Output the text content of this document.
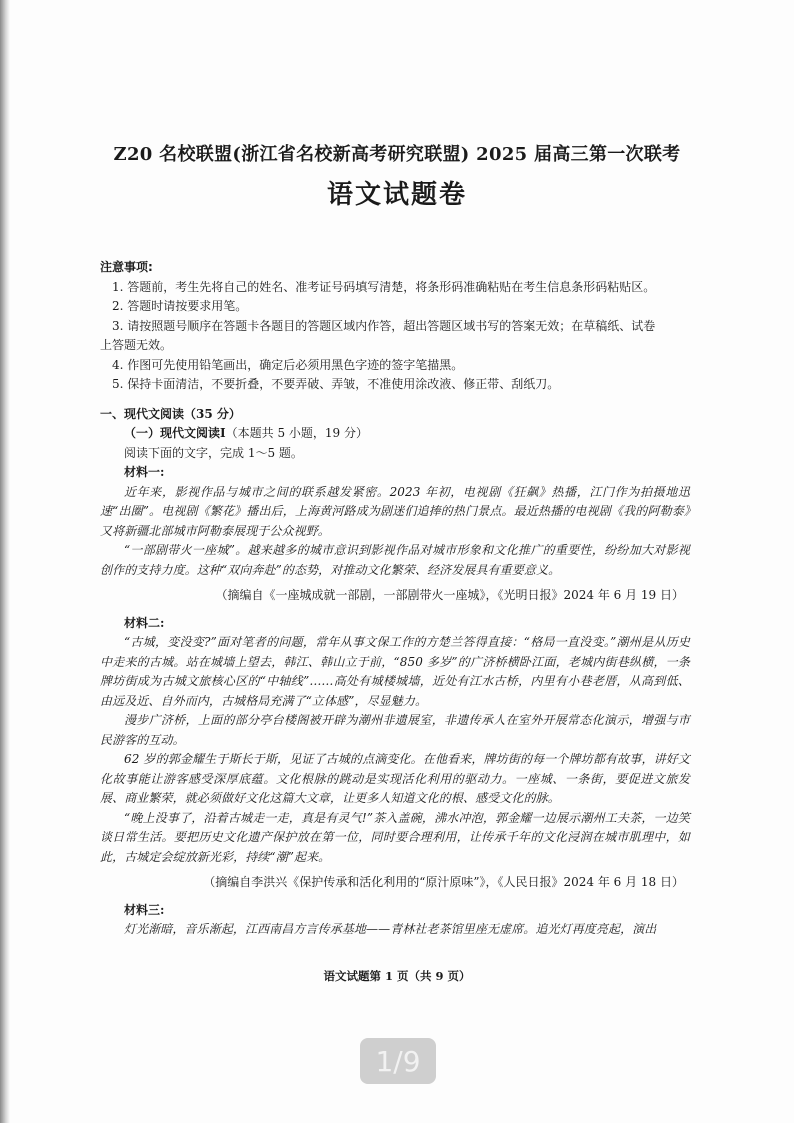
Z20 名校联盟(浙江省名校新高考研究联盟) 2025 届高三第一次联考
语文试题卷

注意事项:

1. 答题前，考生先将自己的姓名、准考证号码填写清楚，将条形码准确粘贴在考生信息条形码粘贴区。

2. 答题时请按要求用笔。

3. 请按照题号顺序在答题卡各题目的答题区域内作答，超出答题区域书写的答案无效；在草稿纸、试卷

上答题无效。

4. 作图可先使用铅笔画出，确定后必须用黑色字迹的签字笔描黑。

5. 保持卡面清洁，不要折叠，不要弄破、弄皱，不准使用涂改液、修正带、刮纸刀。

一、现代文阅读（35 分）

（一）现代文阅读Ⅰ（本题共 5 小题，19 分）

阅读下面的文字，完成 1～5 题。

材料一:

近年来，影视作品与城市之间的联系越发紧密。2023 年初，电视剧《狂飙》热播，江门作为拍摄地迅速“出圈”。电视剧《繁花》播出后，上海黄河路成为剧迷们追捧的热门景点。最近热播的电视剧《我的阿勒泰》又将新疆北部城市阿勒泰展现于公众视野。

“一部剧带火一座城”。越来越多的城市意识到影视作品对城市形象和文化推广的重要性，纷纷加大对影视创作的支持力度。这种“双向奔赴”的态势，对推动文化繁荣、经济发展具有重要意义。

（摘编自《一座城成就一部剧，一部剧带火一座城》，《光明日报》2024 年 6 月 19 日）

材料二:

“古城，变没变?”面对笔者的问题，常年从事文保工作的方楚兰答得直接：“格局一直没变。”潮州是从历史中走来的古城。站在城墙上望去，韩江、韩山立于前，“850 多岁”的广济桥横卧江面，老城内街巷纵横，一条牌坊街成为古城文旅核心区的“中轴线”……高处有城楼城墙，近处有江水古桥，内里有小巷老厝，从高到低、由远及近、自外而内，古城格局充满了“立体感”，尽显魅力。

漫步广济桥，上面的部分亭台楼阁被开辟为潮州非遗展室，非遗传承人在室外开展常态化演示，增强与市民游客的互动。

62 岁的郭金耀生于斯长于斯，见证了古城的点滴变化。在他看来，牌坊街的每一个牌坊都有故事，讲好文化故事能让游客感受深厚底蕴。文化根脉的跳动是实现活化利用的驱动力。一座城、一条街，要促进文旅发展、商业繁荣，就必须做好文化这篇大文章，让更多人知道文化的根、感受文化的脉。

“晚上没事了，沿着古城走一走，真是有灵气!”茶入盖碗，沸水冲泡，郭金耀一边展示潮州工夫茶，一边笑谈日常生活。要把历史文化遗产保护放在第一位，同时要合理利用，让传承千年的文化浸润在城市肌理中，如此，古城定会绽放新光彩，持续“潮”起来。

（摘编自李洪兴《保护传承和活化利用的“原汁原味”》，《人民日报》2024 年 6 月 18 日）

材料三:

灯光渐暗，音乐渐起，江西南昌方言传承基地——青林社老茶馆里座无虚席。追光灯再度亮起，演出

语文试题第 1 页（共 9 页）
1/9
